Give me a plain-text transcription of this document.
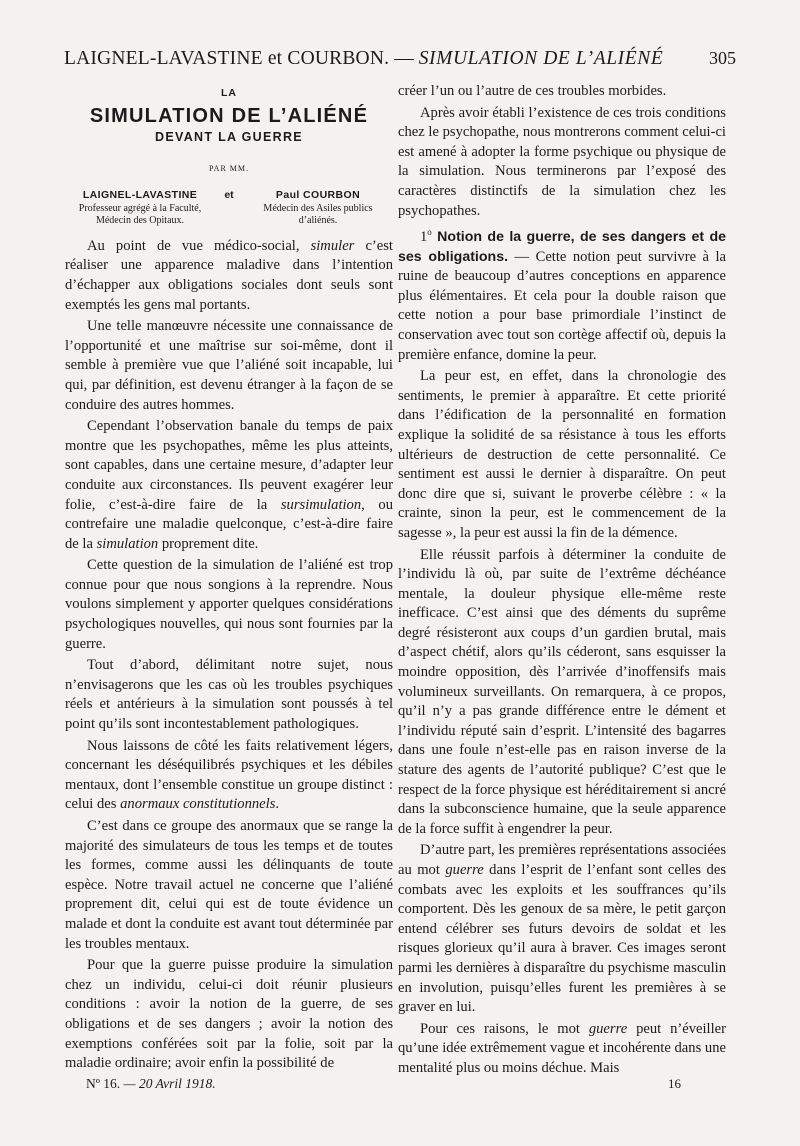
LAIGNEL-LAVASTINE et COURBON. — SIMULATION DE L’ALIÉNÉ	305
LA
SIMULATION DE L’ALIÉNÉ
DEVANT LA GUERRE
PAR MM.
LAIGNEL-LAVASTINE
Professeur agrégé à la Faculté,
Médecin des Opitaux.
et	Paul COURBON
Médecin des Asiles publics
d’aliénés.

Au point de vue médico-social, simuler c’est réaliser une apparence maladive dans l’intention d’échapper aux obligations sociales dont seuls sont exemptés les gens mal portants.

Une telle manœuvre nécessite une connaissance de l’opportunité et une maîtrise sur soi-même, dont il semble à première vue que l’aliéné soit incapable, lui qui, par définition, est devenu étranger à la façon de se conduire des autres hommes.

Cependant l’observation banale du temps de paix montre que les psychopathes, même les plus atteints, sont capables, dans une certaine mesure, d’adapter leur conduite aux circonstances. Ils peuvent exagérer leur folie, c’est-à-dire faire de la sursimulation, ou contrefaire une maladie quelconque, c’est-à-dire faire de la simulation proprement dite.

Cette question de la simulation de l’aliéné est trop connue pour que nous songions à la reprendre. Nous voulons simplement y apporter quelques considérations psychologiques nouvelles, qui nous sont fournies par la guerre.

Tout d’abord, délimitant notre sujet, nous n’envisagerons que les cas où les troubles psychiques réels et antérieurs à la simulation sont poussés à tel point qu’ils sont incontestablement pathologiques.

Nous laissons de côté les faits relativement légers, concernant les déséquilibrés psychiques et les débiles mentaux, dont l’ensemble constitue un groupe distinct : celui des anormaux constitutionnels.

C’est dans ce groupe des anormaux que se range la majorité des simulateurs de tous les temps et de toutes les formes, comme aussi les délinquants de toute espèce. Notre travail actuel ne concerne que l’aliéné proprement dit, celui qui est de toute évidence un malade et dont la conduite est avant tout déterminée par les troubles mentaux.

Pour que la guerre puisse produire la simulation chez un individu, celui-ci doit réunir plusieurs conditions : avoir la notion de la guerre, de ses obligations et de ses dangers ; avoir la notion des exemptions conférées soit par la folie, soit par la maladie ordinaire; avoir enfin la possibilité de

créer l’un ou l’autre de ces troubles morbides.

Après avoir établi l’existence de ces trois conditions chez le psychopathe, nous montrerons comment celui-ci est amené à adopter la forme psychique ou physique de la simulation. Nous terminerons par l’exposé des caractères distinctifs de la simulation chez les psychopathes.

1$^o$ Notion de la guerre, de ses dangers et de ses obligations. — Cette notion peut survivre à la ruine de beaucoup d’autres conceptions en apparence plus élémentaires. Et cela pour la double raison que cette notion a pour base primordiale l’instinct de conservation avec tout son cortège affectif où, depuis la première enfance, domine la peur.

La peur est, en effet, dans la chronologie des sentiments, le premier à apparaître. Et cette priorité dans l’édification de la personnalité en formation explique la solidité de sa résistance à tous les efforts ultérieurs de destruction de cette personnalité. Ce sentiment est aussi le dernier à disparaître. On peut donc dire que si, suivant le proverbe célèbre : « la crainte, sinon la peur, est le commencement de la sagesse », la peur est aussi la fin de la démence.

Elle réussit parfois à déterminer la conduite de l’individu là où, par suite de l’extrême déchéance mentale, la douleur physique elle-même reste inefficace. C’est ainsi que des déments du suprême degré résisteront aux coups d’un gardien brutal, mais d’aspect chétif, alors qu’ils céderont, sans esquisser la moindre opposition, dès l’arrivée d’inoffensifs mais volumineux surveillants. On remarquera, à ce propos, qu’il n’y a pas grande différence entre le dément et l’individu réputé sain d’esprit. L’intensité des bagarres dans une foule n’est-elle pas en raison inverse de la stature des agents de l’autorité publique? C’est que le respect de la force physique est héréditairement si ancré dans la subconscience humaine, que la seule apparence de la force suffit à engendrer la peur.

D’autre part, les premières représentations associées au mot guerre dans l’esprit de l’enfant sont celles des combats avec les exploits et les souffrances qu’ils comportent. Dès les genoux de sa mère, le petit garçon entend célébrer ses futurs devoirs de soldat et les risques glorieux qu’il aura à braver. Ces images seront parmi les dernières à disparaître du psychisme masculin en involution, puisqu’elles furent les premières à se graver en lui.

Pour ces raisons, le mot guerre peut n’éveiller qu’une idée extrêmement vague et incohérente dans une mentalité plus ou moins déchue. Mais

Nº 16. — 20 Avril 1918.	16
